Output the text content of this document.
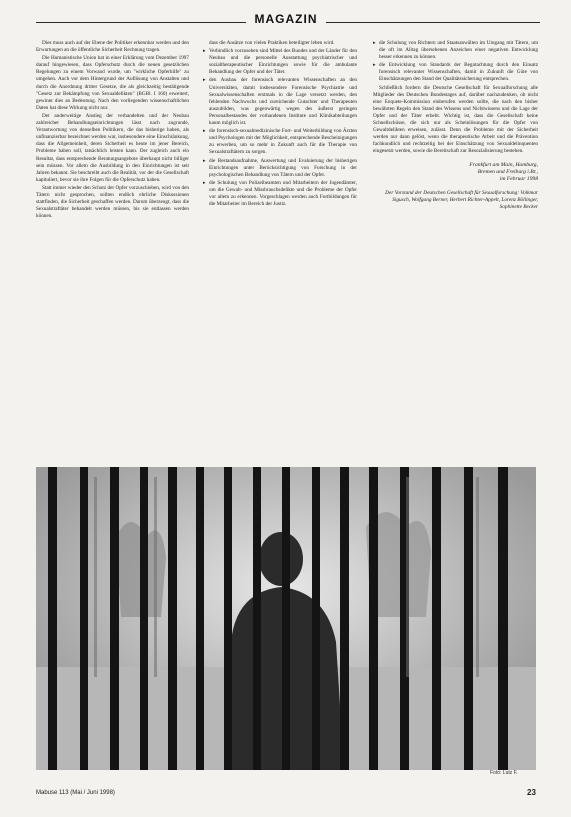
MAGAZIN

Dies muss auch auf der Ebene der Politiker erkennbar werden und den Erwartungen an die öffentliche Sicherheit Rechnung tragen.

Die Humanistische Union hat in einer Erklärung vom Dezember 1997 darauf hingewiesen, dass Opferschutz durch die neuen gesetzlichen Regelungen zu einem Vorwand wurde, um "wirkliche Opferhilfe" zu umgehen. Auch vor dem Hintergrund der Auflösung von Anstalten und durch die Anordnung dritter Gesetze, die als gleichzeitig bestätigende "Gesetz zur Bekämpfung von Sexualdelikten" (BGBl. I 160) erweitert, gewinnt dies an Bedeutung. Nach den vorliegenden wissenschaftlichen Daten hat diese Wirkung nicht nur.

Der anderweitige Anstieg der verhandelten und der Neubau zahlreicher Behandlungseinrichtungen lässt nach zugrunde, Verantwortung von denselben Politikern, die das bisherige haben, als unfinanzierbar bezeichnet werden war, insbesondere eine Einschränkung, dass die Allgemeinheit, deren Sicherheit es heute im jener Bereich, Probleme haben soll, tatsächlich leisten kann. Der zugleich auch ein Resultat, dass entsprechende Beratungsangebote überhaupt nicht billiger sein müssen. Vor allem die Ausbildung in den Einrichtungen ist seit Jahren bekannt. Sie beschreibt auch die Realität, vor der die Gesellschaft kapituliert, bevor sie ihre Folgen für die Opferschutz haben.

Statt immer wieder den Schutz der Opfer vorzuschieben, wird von den Tätern nicht gesprochen, sollten endlich ehrliche Diskussionen stattfinden, die Sicherheit geschaffen werden. Darum überzeugt, dass die Sexualstraftäter behandelt werden müssen, bis sie entlassen werden können.

dass die Ansätze von vielen Praktiken beteiligter leben wird.

▸ Verbindlich vorzusehen sind Mittel des Bundes und der Länder für den Neubau und die personelle Ausstattung psychiatrischer und sozialtherapeutischer Einrichtungen sowie für die ambulante Behandlung der Opfer und der Täter.

▸ den Ausbau der forensisch relevanten Wissenschaften an den Universitäten, damit insbesondere Forensische Psychiatrie und Sexualwissenschaften erstmals in die Lage versetzt werden, den fehlenden Nachwuchs und zureichende Gutachter und Therapeuten auszubilden, was gegenwärtig wegen des äußerst geringen Personalbestandes der vorhandenen Institute und Klinikabteilungen kaum möglich ist.

▸ die forensisch-sexualmedizinische Fort- und Weiterbildung von Ärzten und Psychologen mit der Möglichkeit, entsprechende Bescheinigungen zu erwerben, um so mehr in Zukunft auch für die Therapie von Sexualstraftätern zu sorgen.

▸ die Bestandsaufnahme, Auswertung und Evaluierung der bisherigen Einrichtungen unter Berücksichtigung von Forschung in der psychologischen Behandlung von Tätern und der Opfer.

▸ die Schulung von Polizeibeamten und Mitarbeitern der Jugendämter, um die Gewalt- und Missbrauchsdelikte und die Probleme der Opfer vor allem zu erkennen. Vorgeschlagen werden auch Fortbildungen für die Mitarbeiter im Bereich der Justiz.

▸ die Schulung von Richtern und Staatsanwälten im Umgang mit Tätern, um die oft im Alltag übersehenen Anzeichen einer negativen Entwicklung besser erkennen zu können.

▸ die Entwicklung von Standards der Begutachtung durch den Einsatz forensisch relevanter Wissenschaften, damit in Zukunft die Güte von Einschätzungen den Stand der Qualitätssicherung entsprechen.

Schließlich fordern die Deutsche Gesellschaft für Sexualforschung alle Mitglieder des Deutschen Bundestages auf, darüber nachzudenken, ob nicht eine Enquete-Kommission einberufen werden sollte, die nach den bisher bewährten Regeln den Stand des Wissens und Nichtwissens und die Lage der Opfer und der Täter erhebt. Wichtig ist, dass die Gesellschaft keine Schnellschüsse, die sich nur als Scheinlösungen für die Opfer von Gewaltdelikten erweisen, zulässt. Denn die Probleme mit der Sicherheit werden nur dann gelöst, wenn die therapeutische Arbeit und die Prävention fachkundlich und rechtzeitig bei der Einschätzung von Sexualdelinquenten eingesetzt werden, sowie die Bereitschaft zur Resozialisierung bestehen.

Frankfurt am Main, Hamburg,
Bremen und Freiburg i.Br.,
im Februar 1998
Der Vorstand der Deutschen Gesellschaft für Sexualforschung: Volkmar Sigusch, Wolfgang Berner, Herbert Richter-Appelt, Lorenz Böllinger, Sophinette Becker
Foto: Lutz F.
Mabuse 113 (Mai / Juni 1998)	23
